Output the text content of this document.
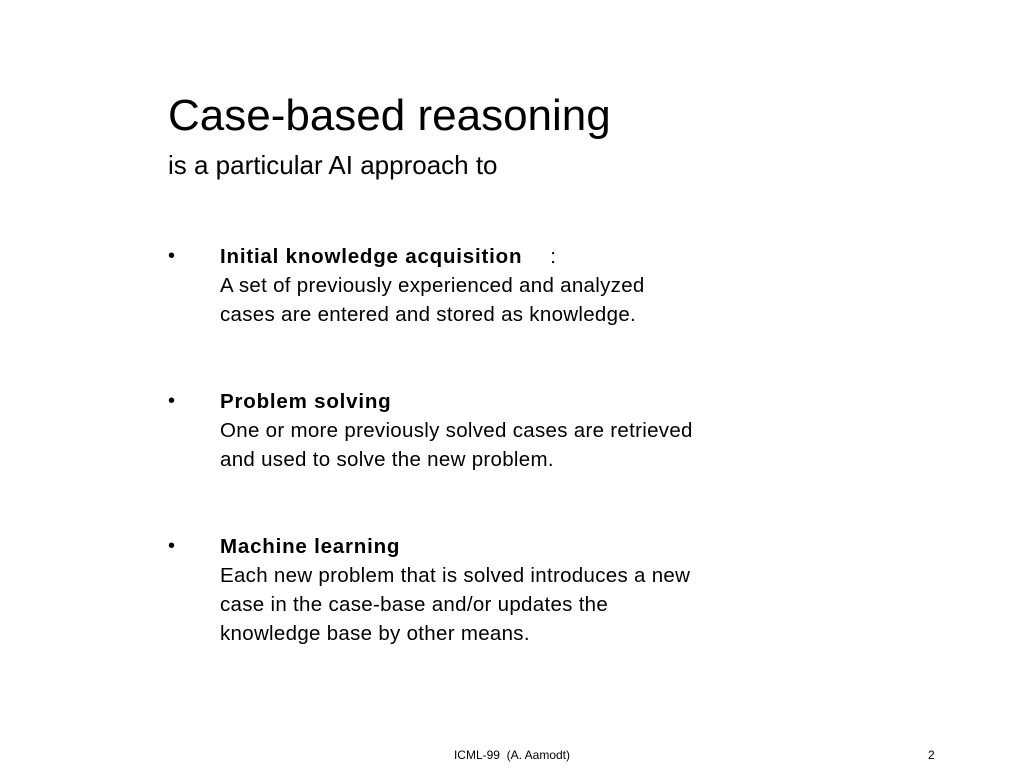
Case-based reasoning

is a particular AI approach to

• Initial knowledge acquisition :
A set of previously experienced and analyzed
cases are entered and stored as knowledge.
• Problem solving
One or more previously solved cases are retrieved
and used to solve the new problem.
• Machine learning
Each new problem that is solved introduces a new
case in the case-base and/or updates the
knowledge base by other means.
ICML-99  (A. Aamodt)	2
